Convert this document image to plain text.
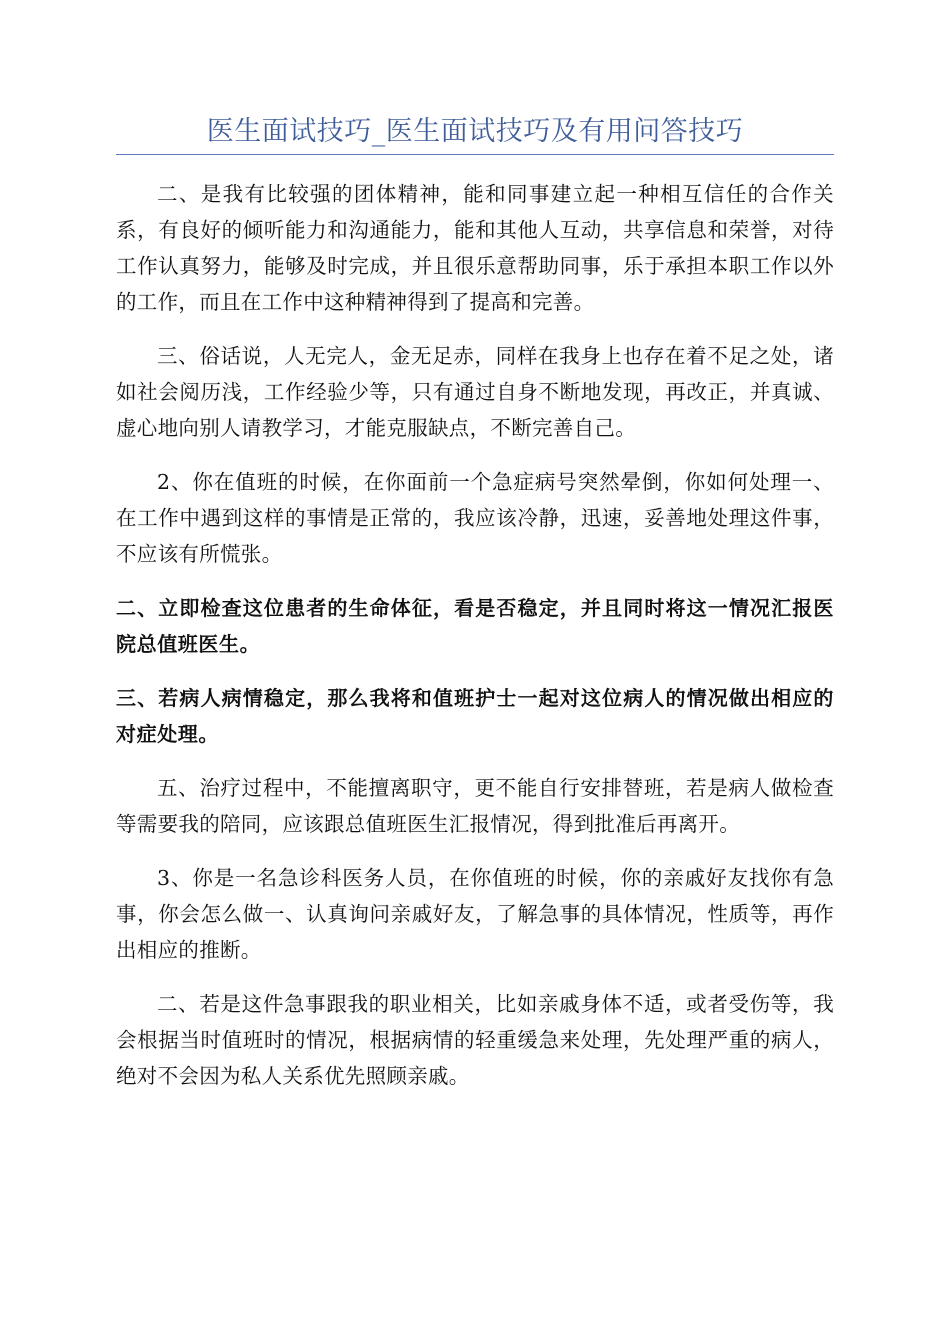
医生面试技巧_医生面试技巧及有用问答技巧

二、是我有比较强的团体精神，能和同事建立起一种相互信任的合作关系，有良好的倾听能力和沟通能力，能和其他人互动，共享信息和荣誉，对待工作认真努力，能够及时完成，并且很乐意帮助同事，乐于承担本职工作以外的工作，而且在工作中这种精神得到了提高和完善。

三、俗话说，人无完人，金无足赤，同样在我身上也存在着不足之处，诸如社会阅历浅，工作经验少等，只有通过自身不断地发现，再改正，并真诚、虚心地向别人请教学习，才能克服缺点，不断完善自己。

2、你在值班的时候，在你面前一个急症病号突然晕倒，你如何处理一、在工作中遇到这样的事情是正常的，我应该冷静，迅速，妥善地处理这件事，不应该有所慌张。

二、立即检查这位患者的生命体征，看是否稳定，并且同时将这一情况汇报医院总值班医生。

三、若病人病情稳定，那么我将和值班护士一起对这位病人的情况做出相应的对症处理。

五、治疗过程中，不能擅离职守，更不能自行安排替班，若是病人做检查等需要我的陪同，应该跟总值班医生汇报情况，得到批准后再离开。

3、你是一名急诊科医务人员，在你值班的时候，你的亲戚好友找你有急事，你会怎么做一、认真询问亲戚好友，了解急事的具体情况，性质等，再作出相应的推断。

二、若是这件急事跟我的职业相关，比如亲戚身体不适，或者受伤等，我会根据当时值班时的情况，根据病情的轻重缓急来处理，先处理严重的病人，绝对不会因为私人关系优先照顾亲戚。
